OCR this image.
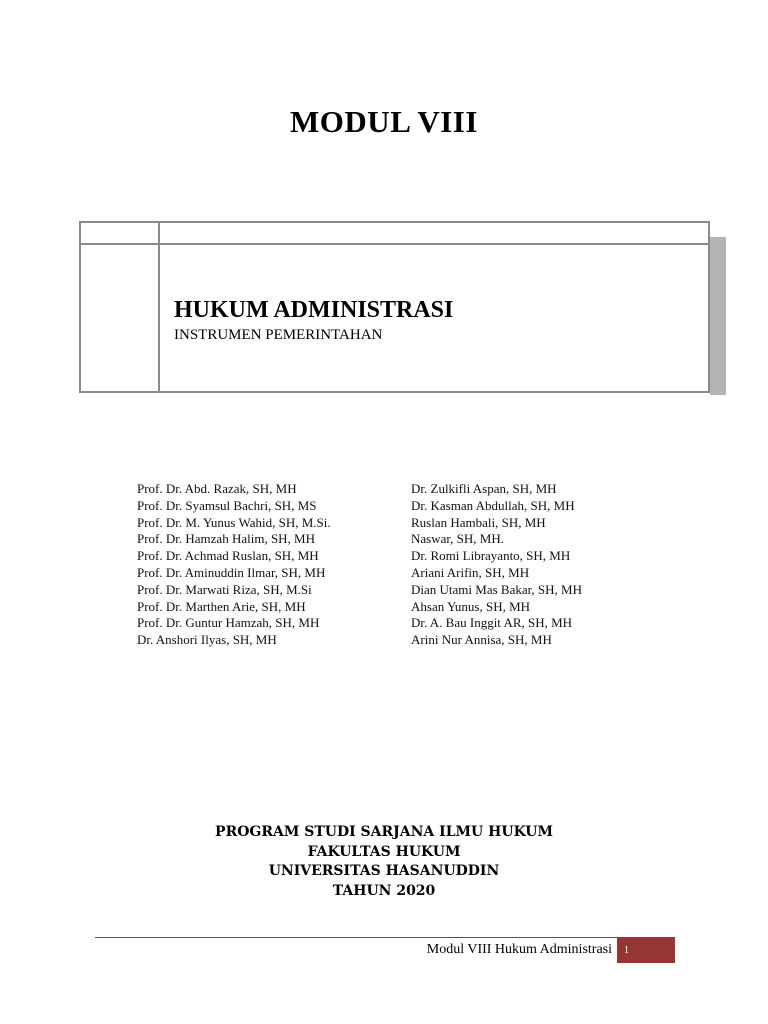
MODUL VIII
HUKUM ADMINISTRASI

INSTRUMEN PEMERINTAHAN

Prof. Dr. Abd. Razak, SH, MH
Prof. Dr. Syamsul Bachri, SH, MS
Prof. Dr. M. Yunus Wahid, SH, M.Si.
Prof. Dr. Hamzah Halim, SH, MH
Prof. Dr. Achmad Ruslan, SH, MH
Prof. Dr. Aminuddin Ilmar, SH, MH
Prof. Dr. Marwati Riza, SH, M.Si
Prof. Dr. Marthen Arie, SH, MH
Prof. Dr. Guntur Hamzah, SH, MH
Dr. Anshori Ilyas, SH, MH
Dr. Zulkifli Aspan, SH, MH
Dr. Kasman Abdullah, SH, MH
Ruslan Hambali, SH, MH
Naswar, SH, MH.
Dr. Romi Librayanto, SH, MH
Ariani Arifin, SH, MH
Dian Utami Mas Bakar, SH, MH
Ahsan Yunus, SH, MH
Dr. A. Bau Inggit AR, SH, MH
Arini Nur Annisa, SH, MH
PROGRAM STUDI SARJANA ILMU HUKUM
FAKULTAS HUKUM
UNIVERSITAS HASANUDDIN
TAHUN 2020
Modul VIII Hukum Administrasi	1
